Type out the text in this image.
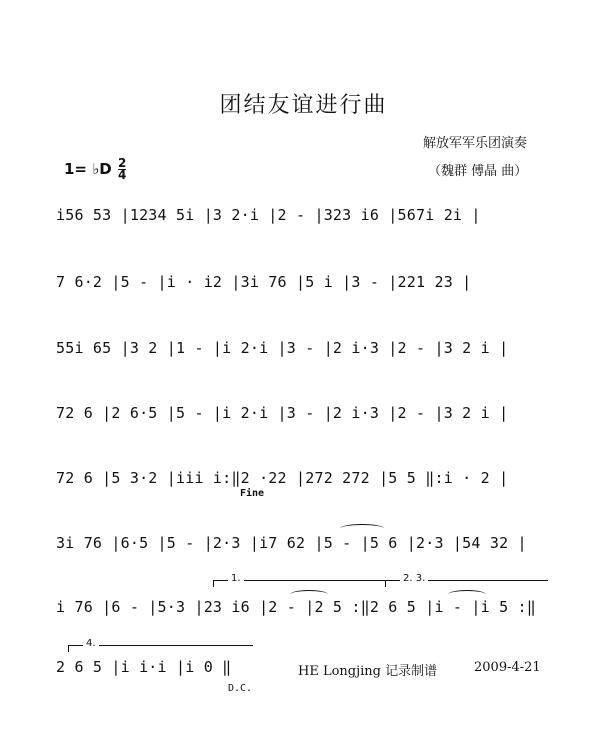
团结友谊进行曲
解放军军乐团演奏
（魏群 傅晶 曲）
1= ♭D $\frac{2}{4}$
i56 53 |1234 5i |3 2·i |2 - |323 i6 |567i 2i |
7 6·2 |5 - |i · i2 |3i 76 |5 i |3 - |221 23 |
55i 65 |3 2 |1 - |i 2·i |3 - |2 i·3 |2 - |3 2 i |
72 6 |2 6·5 |5 - |i 2·i |3 - |2 i·3 |2 - |3 2 i |
72 6 |5 3·2 |iii i:‖2 ·22 |272 272 |5 5 ‖:i · 2 |
Fine
3i 76 |6·5 |5 - |2·3 |i7 62 |5 - |5 6 |2·3 |54 32 |
1.	2. 3.
i 76 |6 - |5·3 |23 i6 |2 - |2 5 :‖2 6 5 |i - |i 5 :‖
4.
2 6 5 |i i·i |i 0 ‖
D.C.
HE Longjing 记录制谱	2009-4-21
